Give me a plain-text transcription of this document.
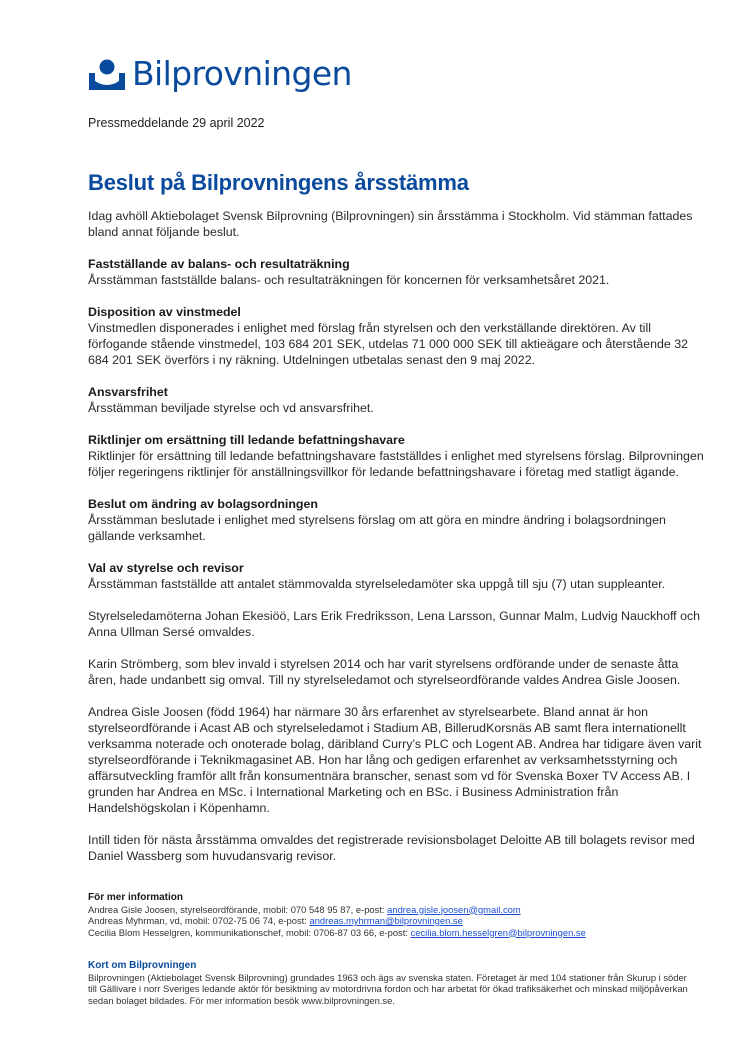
Bilprovningen
Pressmeddelande 29 april 2022
Beslut på Bilprovningens årsstämma

Idag avhöll Aktiebolaget Svensk Bilprovning (Bilprovningen) sin årsstämma i Stockholm. Vid stämman fattades bland annat följande beslut.

Fastställande av balans- och resultaträkning

Årsstämman fastställde balans- och resultaträkningen för koncernen för verksamhetsåret 2021.

Disposition av vinstmedel

Vinstmedlen disponerades i enlighet med förslag från styrelsen och den verkställande direktören. Av till förfogande stående vinstmedel, 103 684 201 SEK, utdelas 71 000 000 SEK till aktieägare och återstående 32 684 201 SEK överförs i ny räkning. Utdelningen utbetalas senast den 9 maj 2022.

Ansvarsfrihet

Årsstämman beviljade styrelse och vd ansvarsfrihet.

Riktlinjer om ersättning till ledande befattningshavare

Riktlinjer för ersättning till ledande befattningshavare fastställdes i enlighet med styrelsens förslag. Bilprovningen följer regeringens riktlinjer för anställningsvillkor för ledande befattningshavare i företag med statligt ägande.

Beslut om ändring av bolagsordningen

Årsstämman beslutade i enlighet med styrelsens förslag om att göra en mindre ändring i bolagsordningen gällande verksamhet.

Val av styrelse och revisor

Årsstämman fastställde att antalet stämmovalda styrelseledamöter ska uppgå till sju (7) utan suppleanter.

Styrelseledamöterna Johan Ekesiöö, Lars Erik Fredriksson, Lena Larsson, Gunnar Malm, Ludvig Nauckhoff och Anna Ullman Sersé omvaldes.

Karin Strömberg, som blev invald i styrelsen 2014 och har varit styrelsens ordförande under de senaste åtta åren, hade undanbett sig omval. Till ny styrelseledamot och styrelseordförande valdes Andrea Gisle Joosen.

Andrea Gisle Joosen (född 1964) har närmare 30 års erfarenhet av styrelsearbete. Bland annat är hon styrelseordförande i Acast AB och styrelseledamot i Stadium AB, BillerudKorsnäs AB samt flera internationellt verksamma noterade och onoterade bolag, däribland Curry’s PLC och Logent AB. Andrea har tidigare även varit styrelseordförande i Teknikmagasinet AB. Hon har lång och gedigen erfarenhet av verksamhetsstyrning och affärsutveckling framför allt från konsumentnära branscher, senast som vd för Svenska Boxer TV Access AB. I grunden har Andrea en MSc. i International Marketing och en BSc. i Business Administration från Handelshögskolan i Köpenhamn.

Intill tiden för nästa årsstämma omvaldes det registrerade revisionsbolaget Deloitte AB till bolagets revisor med Daniel Wassberg som huvudansvarig revisor.

För mer information

Andrea Gisle Joosen, styrelseordförande, mobil: 070 548 95 87, e-post: andrea.gisle.joosen@gmail.com

Andreas Myhrman, vd, mobil: 0702-75 06 74, e-post: andreas.myhrman@bilprovningen.se

Cecilia Blom Hesselgren, kommunikationschef, mobil: 0706-87 03 66, e-post: cecilia.blom.hesselgren@bilprovningen.se

Kort om Bilprovningen

Bilprovningen (Aktiebolaget Svensk Bilprovning) grundades 1963 och ägs av svenska staten. Företaget är med 104 stationer från Skurup i söder till Gällivare i norr Sveriges ledande aktör för besiktning av motordrivna fordon och har arbetat för ökad trafiksäkerhet och minskad miljöpåverkan sedan bolaget bildades. För mer information besök www.bilprovningen.se.
